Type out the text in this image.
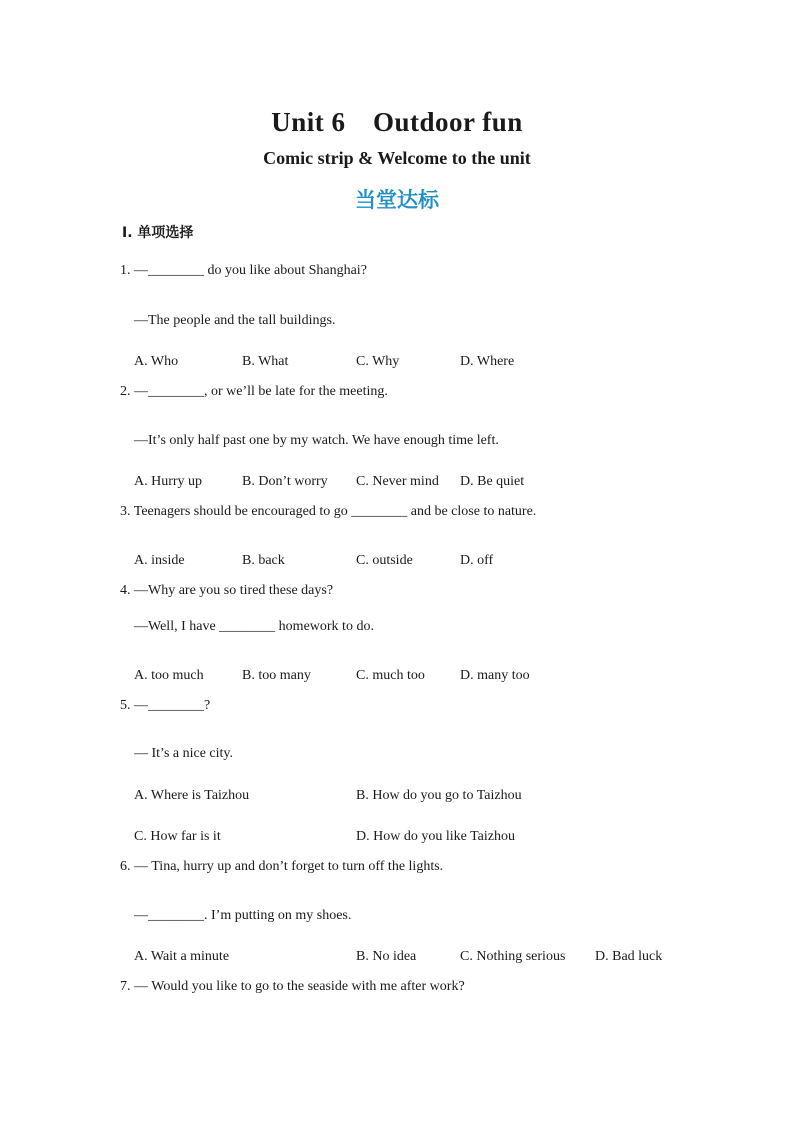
Unit 6　Outdoor fun
Comic strip & Welcome to the unit
当堂达标
Ⅰ. 单项选择
1. —________ do you like about Shanghai?
—The people and the tall buildings.
A. Who	B. What	C. Why	D. Where
2. —________, or we’ll be late for the meeting.
—It’s only half past one by my watch. We have enough time left.
A. Hurry up	B. Don’t worry C. Never mind D. Be quiet
3. Teenagers should be encouraged to go ________ and be close to nature.
A. inside	B. back	C. outside	D. off
4. —Why are you so tired these days?
—Well, I have ________ homework to do.
A. too much	B. too many	C. much too	D. many too
5. —________?
— It’s a nice city.
A. Where is Taizhou	B. How do you go to Taizhou
C. How far is it	D. How do you like Taizhou
6. — Tina, hurry up and don’t forget to turn off the lights.
—________. I’m putting on my shoes.
A. Wait a minute	B. No idea	C. Nothing serious D. Bad luck
7. — Would you like to go to the seaside with me after work?
